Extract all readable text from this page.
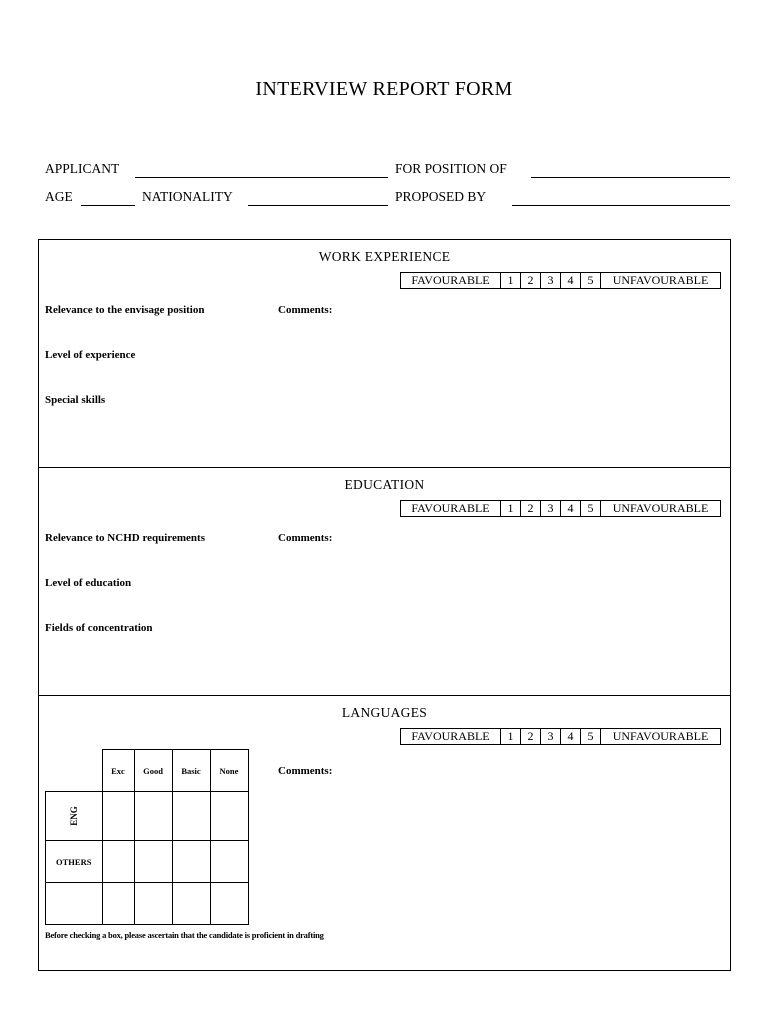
INTERVIEW REPORT FORM
APPLICANT	FOR POSITION OF
AGE	NATIONALITY	PROPOSED BY
WORK EXPERIENCE
FAVOURABLE	1	2	3	4	5	UNFAVOURABLE
Relevance to the envisage position	Comments:
Level of experience
Special skills
EDUCATION
FAVOURABLE	1	2	3	4	5	UNFAVOURABLE
Relevance to NCHD requirements	Comments:
Level of education
Fields of concentration
LANGUAGES
FAVOURABLE	1	2	3	4	5	UNFAVOURABLE
	Exc	Good	Basic	None
ENG				
OTHERS				

Comments:
Before checking a box, please ascertain that the candidate is proficient in drafting
